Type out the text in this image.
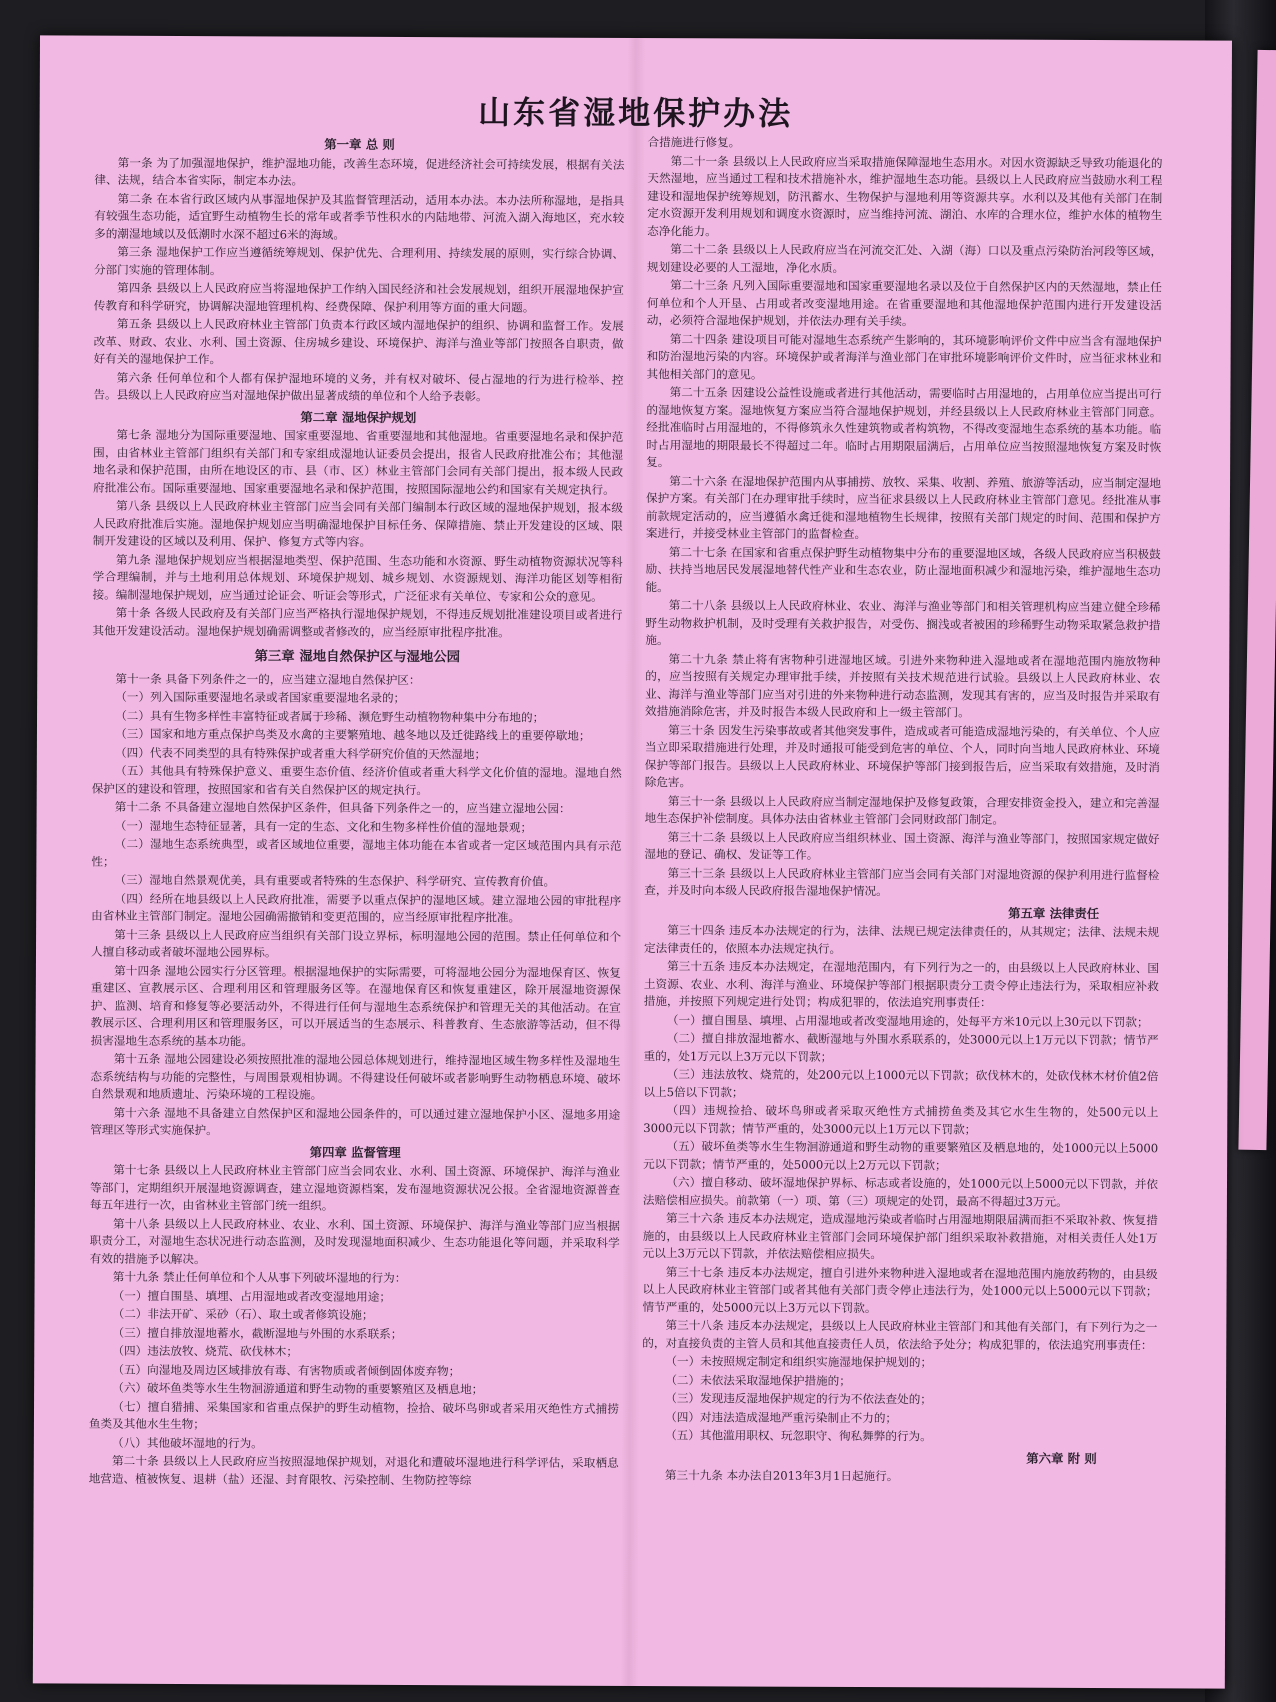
山东省湿地保护办法

第一章 总 则

第一条 为了加强湿地保护，维护湿地功能，改善生态环境，促进经济社会可持续发展，根据有关法律、法规，结合本省实际，制定本办法。

第二条 在本省行政区域内从事湿地保护及其监督管理活动，适用本办法。本办法所称湿地，是指具有较强生态功能，适宜野生动植物生长的常年或者季节性积水的内陆地带、河流入湖入海地区，充水较多的潮湿地域以及低潮时水深不超过6米的海域。

第三条 湿地保护工作应当遵循统筹规划、保护优先、合理利用、持续发展的原则，实行综合协调、分部门实施的管理体制。

第四条 县级以上人民政府应当将湿地保护工作纳入国民经济和社会发展规划，组织开展湿地保护宣传教育和科学研究，协调解决湿地管理机构、经费保障、保护利用等方面的重大问题。

第五条 县级以上人民政府林业主管部门负责本行政区域内湿地保护的组织、协调和监督工作。发展改革、财政、农业、水利、国土资源、住房城乡建设、环境保护、海洋与渔业等部门按照各自职责，做好有关的湿地保护工作。

第六条 任何单位和个人都有保护湿地环境的义务，并有权对破坏、侵占湿地的行为进行检举、控告。县级以上人民政府应当对湿地保护做出显著成绩的单位和个人给予表彰。

第二章 湿地保护规划

第七条 湿地分为国际重要湿地、国家重要湿地、省重要湿地和其他湿地。省重要湿地名录和保护范围，由省林业主管部门组织有关部门和专家组成湿地认证委员会提出，报省人民政府批准公布；其他湿地名录和保护范围，由所在地设区的市、县（市、区）林业主管部门会同有关部门提出，报本级人民政府批准公布。国际重要湿地、国家重要湿地名录和保护范围，按照国际湿地公约和国家有关规定执行。

第八条 县级以上人民政府林业主管部门应当会同有关部门编制本行政区域的湿地保护规划，报本级人民政府批准后实施。湿地保护规划应当明确湿地保护目标任务、保障措施、禁止开发建设的区域、限制开发建设的区域以及利用、保护、修复方式等内容。

第九条 湿地保护规划应当根据湿地类型、保护范围、生态功能和水资源、野生动植物资源状况等科学合理编制，并与土地利用总体规划、环境保护规划、城乡规划、水资源规划、海洋功能区划等相衔接。编制湿地保护规划，应当通过论证会、听证会等形式，广泛征求有关单位、专家和公众的意见。

第十条 各级人民政府及有关部门应当严格执行湿地保护规划，不得违反规划批准建设项目或者进行其他开发建设活动。湿地保护规划确需调整或者修改的，应当经原审批程序批准。

第三章 湿地自然保护区与湿地公园

第十一条 具备下列条件之一的，应当建立湿地自然保护区：

（一）列入国际重要湿地名录或者国家重要湿地名录的；

（二）具有生物多样性丰富特征或者属于珍稀、濒危野生动植物物种集中分布地的；

（三）国家和地方重点保护鸟类及水禽的主要繁殖地、越冬地以及迁徙路线上的重要停歇地；

（四）代表不同类型的具有特殊保护或者重大科学研究价值的天然湿地；

（五）其他具有特殊保护意义、重要生态价值、经济价值或者重大科学文化价值的湿地。湿地自然保护区的建设和管理，按照国家和省有关自然保护区的规定执行。

第十二条 不具备建立湿地自然保护区条件，但具备下列条件之一的，应当建立湿地公园：

（一）湿地生态特征显著，具有一定的生态、文化和生物多样性价值的湿地景观；

（二）湿地生态系统典型，或者区域地位重要，湿地主体功能在本省或者一定区域范围内具有示范性；

（三）湿地自然景观优美，具有重要或者特殊的生态保护、科学研究、宣传教育价值。

（四）经所在地县级以上人民政府批准，需要予以重点保护的湿地区域。建立湿地公园的审批程序由省林业主管部门制定。湿地公园确需撤销和变更范围的，应当经原审批程序批准。

第十三条 县级以上人民政府应当组织有关部门设立界标，标明湿地公园的范围。禁止任何单位和个人擅自移动或者破坏湿地公园界标。

第十四条 湿地公园实行分区管理。根据湿地保护的实际需要，可将湿地公园分为湿地保育区、恢复重建区、宣教展示区、合理利用区和管理服务区等。在湿地保育区和恢复重建区，除开展湿地资源保护、监测、培育和修复等必要活动外，不得进行任何与湿地生态系统保护和管理无关的其他活动。在宣教展示区、合理利用区和管理服务区，可以开展适当的生态展示、科普教育、生态旅游等活动，但不得损害湿地生态系统的基本功能。

第十五条 湿地公园建设必须按照批准的湿地公园总体规划进行，维持湿地区域生物多样性及湿地生态系统结构与功能的完整性，与周围景观相协调。不得建设任何破坏或者影响野生动物栖息环境、破坏自然景观和地质遗址、污染环境的工程设施。

第十六条 湿地不具备建立自然保护区和湿地公园条件的，可以通过建立湿地保护小区、湿地多用途管理区等形式实施保护。

第四章 监督管理

第十七条 县级以上人民政府林业主管部门应当会同农业、水利、国土资源、环境保护、海洋与渔业等部门，定期组织开展湿地资源调查，建立湿地资源档案，发布湿地资源状况公报。全省湿地资源普查每五年进行一次，由省林业主管部门统一组织。

第十八条 县级以上人民政府林业、农业、水利、国土资源、环境保护、海洋与渔业等部门应当根据职责分工，对湿地生态状况进行动态监测，及时发现湿地面积减少、生态功能退化等问题，并采取科学有效的措施予以解决。

第十九条 禁止任何单位和个人从事下列破坏湿地的行为：

（一）擅自围垦、填埋、占用湿地或者改变湿地用途；

（二）非法开矿、采砂（石）、取土或者修筑设施；

（三）擅自排放湿地蓄水，截断湿地与外围的水系联系；

（四）违法放牧、烧荒、砍伐林木；

（五）向湿地及周边区域排放有毒、有害物质或者倾倒固体废弃物；

（六）破坏鱼类等水生生物洄游通道和野生动物的重要繁殖区及栖息地；

（七）擅自猎捕、采集国家和省重点保护的野生动植物，捡拾、破坏鸟卵或者采用灭绝性方式捕捞鱼类及其他水生生物；

（八）其他破坏湿地的行为。

第二十条 县级以上人民政府应当按照湿地保护规划，对退化和遭破坏湿地进行科学评估，采取栖息地营造、植被恢复、退耕（盐）还湿、封育限牧、污染控制、生物防控等综

合措施进行修复。

第二十一条 县级以上人民政府应当采取措施保障湿地生态用水。对因水资源缺乏导致功能退化的天然湿地，应当通过工程和技术措施补水，维护湿地生态功能。县级以上人民政府应当鼓励水利工程建设和湿地保护统筹规划，防汛蓄水、生物保护与湿地利用等资源共享。水利以及其他有关部门在制定水资源开发利用规划和调度水资源时，应当维持河流、湖泊、水库的合理水位，维护水体的植物生态净化能力。

第二十二条 县级以上人民政府应当在河流交汇处、入湖（海）口以及重点污染防治河段等区域，规划建设必要的人工湿地，净化水质。

第二十三条 凡列入国际重要湿地和国家重要湿地名录以及位于自然保护区内的天然湿地，禁止任何单位和个人开垦、占用或者改变湿地用途。在省重要湿地和其他湿地保护范围内进行开发建设活动，必须符合湿地保护规划，并依法办理有关手续。

第二十四条 建设项目可能对湿地生态系统产生影响的，其环境影响评价文件中应当含有湿地保护和防治湿地污染的内容。环境保护或者海洋与渔业部门在审批环境影响评价文件时，应当征求林业和其他相关部门的意见。

第二十五条 因建设公益性设施或者进行其他活动，需要临时占用湿地的，占用单位应当提出可行的湿地恢复方案。湿地恢复方案应当符合湿地保护规划，并经县级以上人民政府林业主管部门同意。经批准临时占用湿地的，不得修筑永久性建筑物或者构筑物，不得改变湿地生态系统的基本功能。临时占用湿地的期限最长不得超过二年。临时占用期限届满后，占用单位应当按照湿地恢复方案及时恢复。

第二十六条 在湿地保护范围内从事捕捞、放牧、采集、收割、养殖、旅游等活动，应当制定湿地保护方案。有关部门在办理审批手续时，应当征求县级以上人民政府林业主管部门意见。经批准从事前款规定活动的，应当遵循水禽迁徙和湿地植物生长规律，按照有关部门规定的时间、范围和保护方案进行，并接受林业主管部门的监督检查。

第二十七条 在国家和省重点保护野生动植物集中分布的重要湿地区域，各级人民政府应当积极鼓励、扶持当地居民发展湿地替代性产业和生态农业，防止湿地面积减少和湿地污染，维护湿地生态功能。

第二十八条 县级以上人民政府林业、农业、海洋与渔业等部门和相关管理机构应当建立健全珍稀野生动物救护机制，及时受理有关救护报告，对受伤、搁浅或者被困的珍稀野生动物采取紧急救护措施。

第二十九条 禁止将有害物种引进湿地区域。引进外来物种进入湿地或者在湿地范围内施放物种的，应当按照有关规定办理审批手续，并按照有关技术规范进行试验。县级以上人民政府林业、农业、海洋与渔业等部门应当对引进的外来物种进行动态监测，发现其有害的，应当及时报告并采取有效措施消除危害，并及时报告本级人民政府和上一级主管部门。

第三十条 因发生污染事故或者其他突发事件，造成或者可能造成湿地污染的，有关单位、个人应当立即采取措施进行处理，并及时通报可能受到危害的单位、个人，同时向当地人民政府林业、环境保护等部门报告。县级以上人民政府林业、环境保护等部门接到报告后，应当采取有效措施，及时消除危害。

第三十一条 县级以上人民政府应当制定湿地保护及修复政策，合理安排资金投入，建立和完善湿地生态保护补偿制度。具体办法由省林业主管部门会同财政部门制定。

第三十二条 县级以上人民政府应当组织林业、国土资源、海洋与渔业等部门，按照国家规定做好湿地的登记、确权、发证等工作。

第三十三条 县级以上人民政府林业主管部门应当会同有关部门对湿地资源的保护利用进行监督检查，并及时向本级人民政府报告湿地保护情况。

第五章 法律责任

第三十四条 违反本办法规定的行为，法律、法规已规定法律责任的，从其规定；法律、法规未规定法律责任的，依照本办法规定执行。

第三十五条 违反本办法规定，在湿地范围内，有下列行为之一的，由县级以上人民政府林业、国土资源、农业、水利、海洋与渔业、环境保护等部门根据职责分工责令停止违法行为，采取相应补救措施，并按照下列规定进行处罚；构成犯罪的，依法追究刑事责任：

（一）擅自围垦、填埋、占用湿地或者改变湿地用途的，处每平方米10元以上30元以下罚款；

（二）擅自排放湿地蓄水、截断湿地与外围水系联系的，处3000元以上1万元以下罚款；情节严重的，处1万元以上3万元以下罚款；

（三）违法放牧、烧荒的，处200元以上1000元以下罚款；砍伐林木的，处砍伐林木材价值2倍以上5倍以下罚款；

（四）违规捡拾、破坏鸟卵或者采取灭绝性方式捕捞鱼类及其它水生生物的，处500元以上3000元以下罚款；情节严重的，处3000元以上1万元以下罚款；

（五）破坏鱼类等水生生物洄游通道和野生动物的重要繁殖区及栖息地的，处1000元以上5000元以下罚款；情节严重的，处5000元以上2万元以下罚款；

（六）擅自移动、破坏湿地保护界标、标志或者设施的，处1000元以上5000元以下罚款，并依法赔偿相应损失。前款第（一）项、第（三）项规定的处罚，最高不得超过3万元。

第三十六条 违反本办法规定，造成湿地污染或者临时占用湿地期限届满而拒不采取补救、恢复措施的，由县级以上人民政府林业主管部门会同环境保护部门组织采取补救措施，对相关责任人处1万元以上3万元以下罚款，并依法赔偿相应损失。

第三十七条 违反本办法规定，擅自引进外来物种进入湿地或者在湿地范围内施放药物的，由县级以上人民政府林业主管部门或者其他有关部门责令停止违法行为，处1000元以上5000元以下罚款；情节严重的，处5000元以上3万元以下罚款。

第三十八条 违反本办法规定，县级以上人民政府林业主管部门和其他有关部门，有下列行为之一的，对直接负责的主管人员和其他直接责任人员，依法给予处分；构成犯罪的，依法追究刑事责任：

（一）未按照规定制定和组织实施湿地保护规划的；

（二）未依法采取湿地保护措施的；

（三）发现违反湿地保护规定的行为不依法查处的；

（四）对违法造成湿地严重污染制止不力的；

（五）其他滥用职权、玩忽职守、徇私舞弊的行为。

第六章 附 则

第三十九条 本办法自2013年3月1日起施行。
